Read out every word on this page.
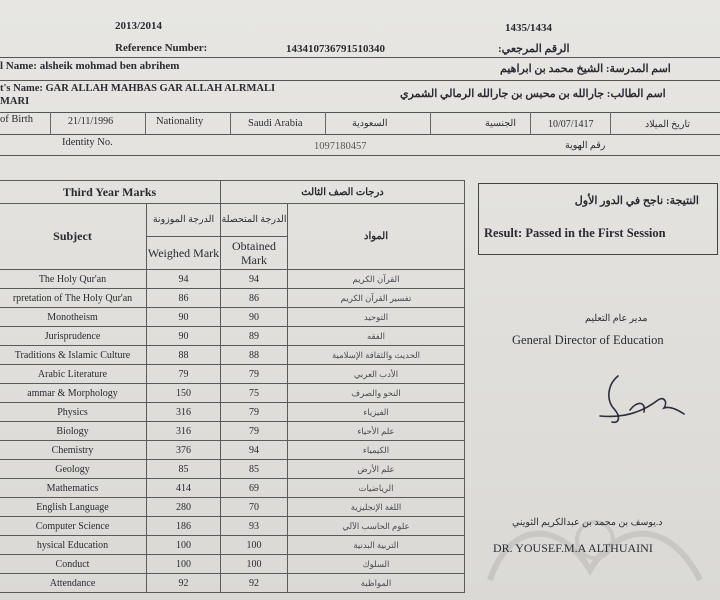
2013/2014	1435/1434
Reference Number:	143410736791510340	الرقم المرجعي:
l Name: alsheik mohmad ben abrihem	اسم المدرسة: الشيخ محمد بن ابراهيم
t's Name: GAR ALLAH MAHBAS GAR ALLAH ALRMALI
MARI
اسم الطالب: جارالله بن محبس بن جارالله الرمالي الشمري
of Birth	21/11/1996	Nationality	Saudi Arabia	السعودية	الجنسية	10/07/1417	تاريخ الميلاد
Identity No.	1097180457	رقم الهوية
Third Year Marks		درجات الصف الثالث	
Subject	الدرجة الموزونة	الدرجة المتحصلة	المواد
	Weighed Mark	Obtained Mark	
The Holy Qur'an	94	94	القرآن الكريم
rpretation of The Holy Qur'an	86	86	تفسير القرآن الكريم
Monotheism	90	90	التوحيد
Jurisprudence	90	89	الفقه
Traditions & Islamic Culture	88	88	الحديث والثقافة الإسلامية
Arabic Literature	79	79	الأدب العربي
ammar & Morphology	150	75	النحو والصرف
Physics	316	79	الفيزياء
Biology	316	79	علم الأحياء
Chemistry	376	94	الكيمياء
Geology	85	85	علم الأرض
Mathematics	414	69	الرياضيات
English Language	280	70	اللغة الإنجليزية
Computer Science	186	93	علوم الحاسب الآلي
hysical Education	100	100	التربية البدنية
Conduct	100	100	السلوك
Attendance	92	92	المواظبة
النتيجة: ناجح في الدور الأول
Result: Passed in the First Session
مدير عام التعليم
General Director of Education
د.يوسف بن محمد بن عبدالكريم الثويني
DR. YOUSEF.M.A ALTHUAINI
